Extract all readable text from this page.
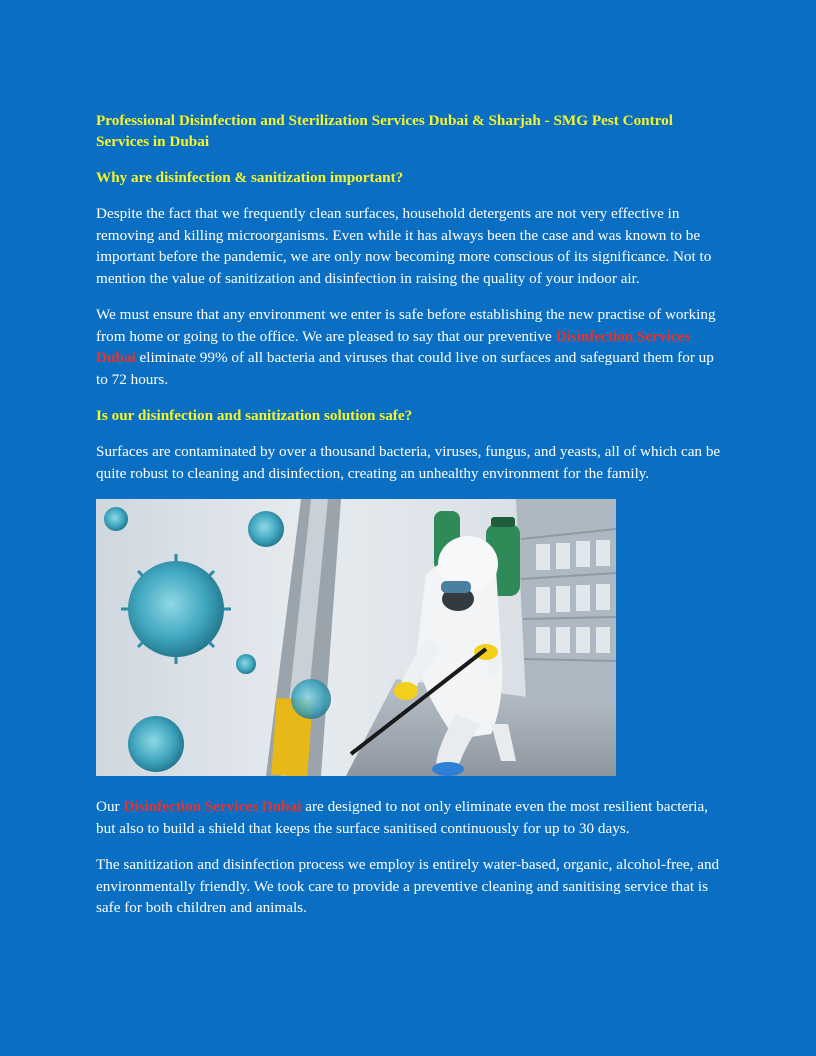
Professional Disinfection and Sterilization Services Dubai & Sharjah - SMG Pest Control Services in Dubai

Why are disinfection & sanitization important?

Despite the fact that we frequently clean surfaces, household detergents are not very effective in removing and killing microorganisms. Even while it has always been the case and was known to be important before the pandemic, we are only now becoming more conscious of its significance. Not to mention the value of sanitization and disinfection in raising the quality of your indoor air.

We must ensure that any environment we enter is safe before establishing the new practise of working from home or going to the office. We are pleased to say that our preventive Disinfection Services Dubai eliminate 99% of all bacteria and viruses that could live on surfaces and safeguard them for up to 72 hours.

Is our disinfection and sanitization solution safe?

Surfaces are contaminated by over a thousand bacteria, viruses, fungus, and yeasts, all of which can be quite robust to cleaning and disinfection, creating an unhealthy environment for the family.

Our Disinfection Services Dubai are designed to not only eliminate even the most resilient bacteria, but also to build a shield that keeps the surface sanitised continuously for up to 30 days.

The sanitization and disinfection process we employ is entirely water-based, organic, alcohol-free, and environmentally friendly. We took care to provide a preventive cleaning and sanitising service that is safe for both children and animals.
